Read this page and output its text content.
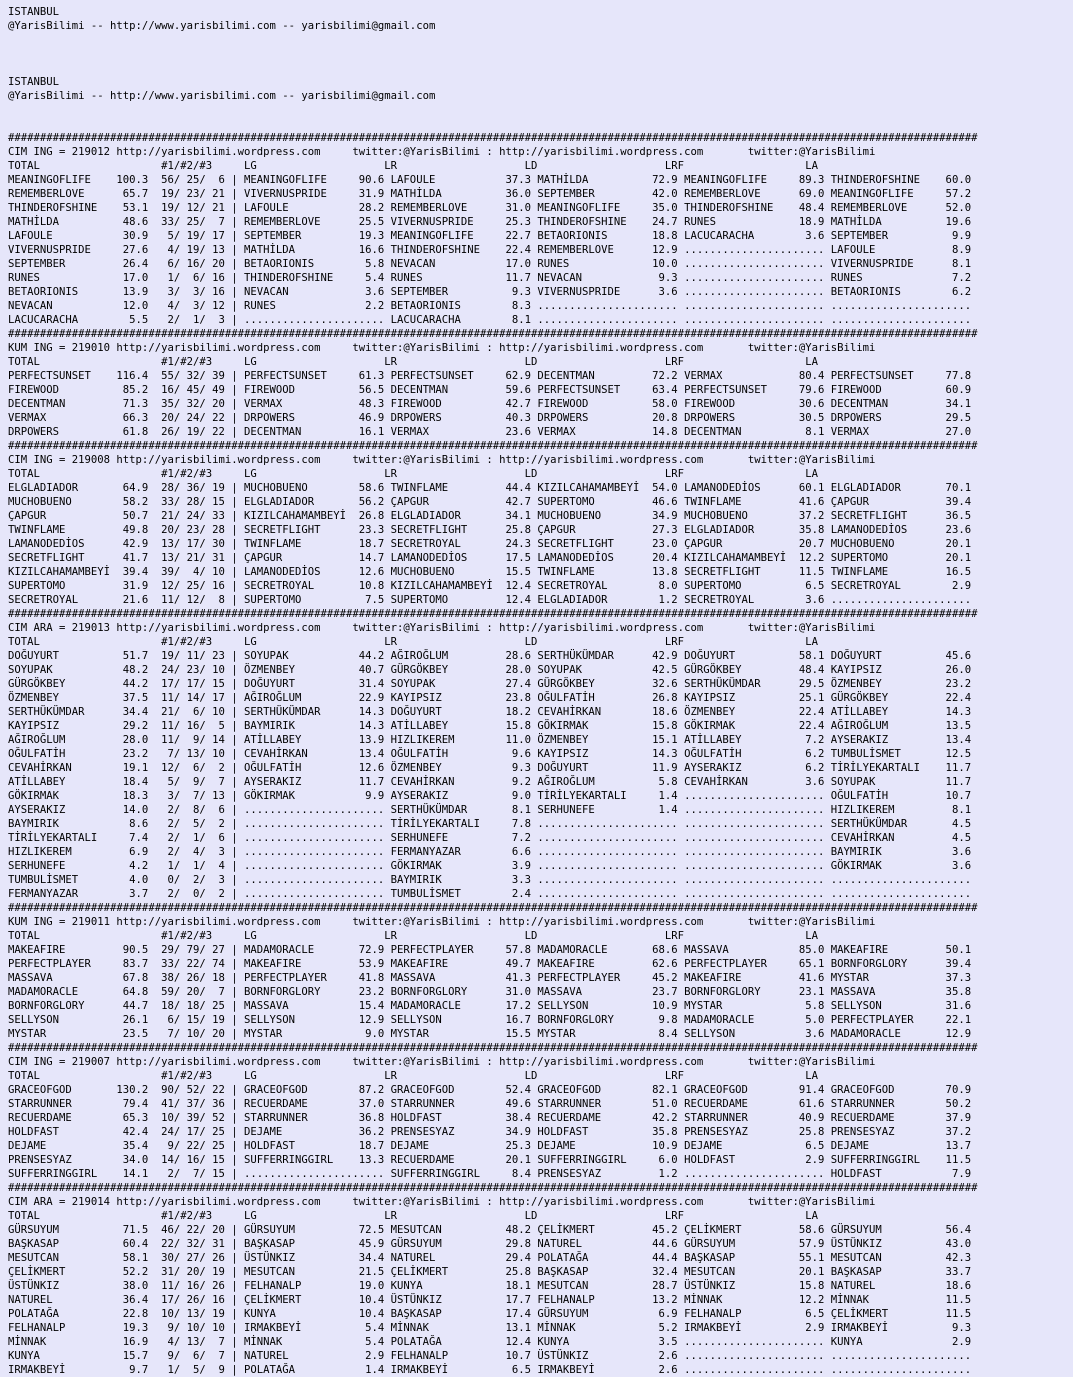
ISTANBUL
@YarisBilimi -- http://www.yarisbilimi.com -- yarisbilimi@gmail.com

ISTANBUL
@YarisBilimi -- http://www.yarisbilimi.com -- yarisbilimi@gmail.com

########################################################################################################################################################
CIM ING = 219012 http://yarisbilimi.wordpress.com     twitter:@YarisBilimi : http://yarisbilimi.wordpress.com       twitter:@YarisBilimi
TOTAL                   #1/#2/#3     LG                    LR                    LD                    LRF                   LA
MEANINGOFLIFE    100.3  56/ 25/  6 | MEANINGOFLIFE     90.6 LAFOULE           37.3 MATHİLDA          72.9 MEANINGOFLIFE     89.3 THINDEROFSHINE    60.0
REMEMBERLOVE      65.7  19/ 23/ 21 | VIVERNUSPRIDE     31.9 MATHİLDA          36.0 SEPTEMBER         42.0 REMEMBERLOVE      69.0 MEANINGOFLIFE     57.2
THINDEROFSHINE    53.1  19/ 12/ 21 | LAFOULE           28.2 REMEMBERLOVE      31.0 MEANINGOFLIFE     35.0 THINDEROFSHINE    48.4 REMEMBERLOVE      52.0
MATHİLDA          48.6  33/ 25/  7 | REMEMBERLOVE      25.5 VIVERNUSPRIDE     25.3 THINDEROFSHINE    24.7 RUNES             18.9 MATHİLDA          19.6
LAFOULE           30.9   5/ 19/ 17 | SEPTEMBER         19.3 MEANINGOFLIFE     22.7 BETAORIONIS       18.8 LACUCARACHA        3.6 SEPTEMBER          9.9
VIVERNUSPRIDE     27.6   4/ 19/ 13 | MATHİLDA          16.6 THINDEROFSHINE    22.4 REMEMBERLOVE      12.9 ...................... LAFOULE            8.9
SEPTEMBER         26.4   6/ 16/ 20 | BETAORIONIS        5.8 NEVACAN           17.0 RUNES             10.0 ...................... VIVERNUSPRIDE      8.1
RUNES             17.0   1/  6/ 16 | THINDEROFSHINE     5.4 RUNES             11.7 NEVACAN            9.3 ...................... RUNES              7.2
BETAORIONIS       13.9   3/  3/ 16 | NEVACAN            3.6 SEPTEMBER          9.3 VIVERNUSPRIDE      3.6 ...................... BETAORIONIS        6.2
NEVACAN           12.0   4/  3/ 12 | RUNES              2.2 BETAORIONIS        8.3 ...................... ...................... ......................
LACUCARACHA        5.5   2/  1/  3 | ...................... LACUCARACHA        8.1 ...................... ...................... ......................
########################################################################################################################################################
KUM ING = 219010 http://yarisbilimi.wordpress.com     twitter:@YarisBilimi : http://yarisbilimi.wordpress.com       twitter:@YarisBilimi
TOTAL                   #1/#2/#3     LG                    LR                    LD                    LRF                   LA
PERFECTSUNSET    116.4  55/ 32/ 39 | PERFECTSUNSET     61.3 PERFECTSUNSET     62.9 DECENTMAN         72.2 VERMAX            80.4 PERFECTSUNSET     77.8
FIREWOOD          85.2  16/ 45/ 49 | FIREWOOD          56.5 DECENTMAN         59.6 PERFECTSUNSET     63.4 PERFECTSUNSET     79.6 FIREWOOD          60.9
DECENTMAN         71.3  35/ 32/ 20 | VERMAX            48.3 FIREWOOD          42.7 FIREWOOD          58.0 FIREWOOD          30.6 DECENTMAN         34.1
VERMAX            66.3  20/ 24/ 22 | DRPOWERS          46.9 DRPOWERS          40.3 DRPOWERS          20.8 DRPOWERS          30.5 DRPOWERS          29.5
DRPOWERS          61.8  26/ 19/ 22 | DECENTMAN         16.1 VERMAX            23.6 VERMAX            14.8 DECENTMAN          8.1 VERMAX            27.0
########################################################################################################################################################
CIM ING = 219008 http://yarisbilimi.wordpress.com     twitter:@YarisBilimi : http://yarisbilimi.wordpress.com       twitter:@YarisBilimi
TOTAL                   #1/#2/#3     LG                    LR                    LD                    LRF                   LA
ELGLADIADOR       64.9  28/ 36/ 19 | MUCHOBUENO        58.6 TWINFLAME         44.4 KIZILCAHAMAMBEYİ  54.0 LAMANODEDİOS      60.1 ELGLADIADOR       70.1
MUCHOBUENO        58.2  33/ 28/ 15 | ELGLADIADOR       56.2 ÇAPGUR            42.7 SUPERTOMO         46.6 TWINFLAME         41.6 ÇAPGUR            39.4
ÇAPGUR            50.7  21/ 24/ 33 | KIZILCAHAMAMBEYİ  26.8 ELGLADIADOR       34.1 MUCHOBUENO        34.9 MUCHOBUENO        37.2 SECRETFLIGHT      36.5
TWINFLAME         49.8  20/ 23/ 28 | SECRETFLIGHT      23.3 SECRETFLIGHT      25.8 ÇAPGUR            27.3 ELGLADIADOR       35.8 LAMANODEDİOS      23.6
LAMANODEDİOS      42.9  13/ 17/ 30 | TWINFLAME         18.7 SECRETROYAL       24.3 SECRETFLIGHT      23.0 ÇAPGUR            20.7 MUCHOBUENO        20.1
SECRETFLIGHT      41.7  13/ 21/ 31 | ÇAPGUR            14.7 LAMANODEDİOS      17.5 LAMANODEDİOS      20.4 KIZILCAHAMAMBEYİ  12.2 SUPERTOMO         20.1
KIZILCAHAMAMBEYİ  39.4  39/  4/ 10 | LAMANODEDİOS      12.6 MUCHOBUENO        15.5 TWINFLAME         13.8 SECRETFLIGHT      11.5 TWINFLAME         16.5
SUPERTOMO         31.9  12/ 25/ 16 | SECRETROYAL       10.8 KIZILCAHAMAMBEYİ  12.4 SECRETROYAL        8.0 SUPERTOMO          6.5 SECRETROYAL        2.9
SECRETROYAL       21.6  11/ 12/  8 | SUPERTOMO          7.5 SUPERTOMO         12.4 ELGLADIADOR        1.2 SECRETROYAL        3.6 ......................
########################################################################################################################################################
CIM ARA = 219013 http://yarisbilimi.wordpress.com     twitter:@YarisBilimi : http://yarisbilimi.wordpress.com       twitter:@YarisBilimi
TOTAL                   #1/#2/#3     LG                    LR                    LD                    LRF                   LA
DOĞUYURT          51.7  19/ 11/ 23 | SOYUPAK           44.2 AĞIROĞLUM         28.6 SERTHÜKÜMDAR      42.9 DOĞUYURT          58.1 DOĞUYURT          45.6
SOYUPAK           48.2  24/ 23/ 10 | ÖZMENBEY          40.7 GÜRGÖKBEY         28.0 SOYUPAK           42.5 GÜRGÖKBEY         48.4 KAYIPSIZ          26.0
GÜRGÖKBEY         44.2  17/ 17/ 15 | DOĞUYURT          31.4 SOYUPAK           27.4 GÜRGÖKBEY         32.6 SERTHÜKÜMDAR      29.5 ÖZMENBEY          23.2
ÖZMENBEY          37.5  11/ 14/ 17 | AĞIROĞLUM         22.9 KAYIPSIZ          23.8 OĞULFATİH         26.8 KAYIPSIZ          25.1 GÜRGÖKBEY         22.4
SERTHÜKÜMDAR      34.4  21/  6/ 10 | SERTHÜKÜMDAR      14.3 DOĞUYURT          18.2 CEVAHİRKAN        18.6 ÖZMENBEY          22.4 ATİLLABEY         14.3
KAYIPSIZ          29.2  11/ 16/  5 | BAYMIRIK          14.3 ATİLLABEY         15.8 GÖKIRMAK          15.8 GÖKIRMAK          22.4 AĞIROĞLUM         13.5
AĞIROĞLUM         28.0  11/  9/ 14 | ATİLLABEY         13.9 HIZLIKEREM        11.0 ÖZMENBEY          15.1 ATİLLABEY          7.2 AYSERAKIZ         13.4
OĞULFATİH         23.2   7/ 13/ 10 | CEVAHİRKAN        13.4 OĞULFATİH          9.6 KAYIPSIZ          14.3 OĞULFATİH          6.2 TUMBULİSMET       12.5
CEVAHİRKAN        19.1  12/  6/  2 | OĞULFATİH         12.6 ÖZMENBEY           9.3 DOĞUYURT          11.9 AYSERAKIZ          6.2 TİRİLYEKARTALI    11.7
ATİLLABEY         18.4   5/  9/  7 | AYSERAKIZ         11.7 CEVAHİRKAN         9.2 AĞIROĞLUM          5.8 CEVAHİRKAN         3.6 SOYUPAK           11.7
GÖKIRMAK          18.3   3/  7/ 13 | GÖKIRMAK           9.9 AYSERAKIZ          9.0 TİRİLYEKARTALI     1.4 ...................... OĞULFATİH         10.7
AYSERAKIZ         14.0   2/  8/  6 | ...................... SERTHÜKÜMDAR       8.1 SERHUNEFE          1.4 ...................... HIZLIKEREM         8.1
BAYMIRIK           8.6   2/  5/  2 | ...................... TİRİLYEKARTALI     7.8 ...................... ...................... SERTHÜKÜMDAR       4.5
TİRİLYEKARTALI     7.4   2/  1/  6 | ...................... SERHUNEFE          7.2 ...................... ...................... CEVAHİRKAN         4.5
HIZLIKEREM         6.9   2/  4/  3 | ...................... FERMANYAZAR        6.6 ...................... ...................... BAYMIRIK           3.6
SERHUNEFE          4.2   1/  1/  4 | ...................... GÖKIRMAK           3.9 ...................... ...................... GÖKIRMAK           3.6
TUMBULİSMET        4.0   0/  2/  3 | ...................... BAYMIRIK           3.3 ...................... ...................... ......................
FERMANYAZAR        3.7   2/  0/  2 | ...................... TUMBULİSMET        2.4 ...................... ...................... ......................
########################################################################################################################################################
KUM ING = 219011 http://yarisbilimi.wordpress.com     twitter:@YarisBilimi : http://yarisbilimi.wordpress.com       twitter:@YarisBilimi
TOTAL                   #1/#2/#3     LG                    LR                    LD                    LRF                   LA
MAKEAFIRE         90.5  29/ 79/ 27 | MADAMORACLE       72.9 PERFECTPLAYER     57.8 MADAMORACLE       68.6 MASSAVA           85.0 MAKEAFIRE         50.1
PERFECTPLAYER     83.7  33/ 22/ 74 | MAKEAFIRE         53.9 MAKEAFIRE         49.7 MAKEAFIRE         62.6 PERFECTPLAYER     65.1 BORNFORGLORY      39.4
MASSAVA           67.8  38/ 26/ 18 | PERFECTPLAYER     41.8 MASSAVA           41.3 PERFECTPLAYER     45.2 MAKEAFIRE         41.6 MYSTAR            37.3
MADAMORACLE       64.8  59/ 20/  7 | BORNFORGLORY      23.2 BORNFORGLORY      31.0 MASSAVA           23.7 BORNFORGLORY      23.1 MASSAVA           35.8
BORNFORGLORY      44.7  18/ 18/ 25 | MASSAVA           15.4 MADAMORACLE       17.2 SELLYSON          10.9 MYSTAR             5.8 SELLYSON          31.6
SELLYSON          26.1   6/ 15/ 19 | SELLYSON          12.9 SELLYSON          16.7 BORNFORGLORY       9.8 MADAMORACLE        5.0 PERFECTPLAYER     22.1
MYSTAR            23.5   7/ 10/ 20 | MYSTAR             9.0 MYSTAR            15.5 MYSTAR             8.4 SELLYSON           3.6 MADAMORACLE       12.9
########################################################################################################################################################
CIM ING = 219007 http://yarisbilimi.wordpress.com     twitter:@YarisBilimi : http://yarisbilimi.wordpress.com       twitter:@YarisBilimi
TOTAL                   #1/#2/#3     LG                    LR                    LD                    LRF                   LA
GRACEOFGOD       130.2  90/ 52/ 22 | GRACEOFGOD        87.2 GRACEOFGOD        52.4 GRACEOFGOD        82.1 GRACEOFGOD        91.4 GRACEOFGOD        70.9
STARRUNNER        79.4  41/ 37/ 36 | RECUERDAME        37.0 STARRUNNER        49.6 STARRUNNER        51.0 RECUERDAME        61.6 STARRUNNER        50.2
RECUERDAME        65.3  10/ 39/ 52 | STARRUNNER        36.8 HOLDFAST          38.4 RECUERDAME        42.2 STARRUNNER        40.9 RECUERDAME        37.9
HOLDFAST          42.4  24/ 17/ 25 | DEJAME            36.2 PRENSESYAZ        34.9 HOLDFAST          35.8 PRENSESYAZ        25.8 PRENSESYAZ        37.2
DEJAME            35.4   9/ 22/ 25 | HOLDFAST          18.7 DEJAME            25.3 DEJAME            10.9 DEJAME             6.5 DEJAME            13.7
PRENSESYAZ        34.0  14/ 16/ 15 | SUFFERRINGGIRL    13.3 RECUERDAME        20.1 SUFFERRINGGIRL     6.0 HOLDFAST           2.9 SUFFERRINGGIRL    11.5
SUFFERRINGGIRL    14.1   2/  7/ 15 | ...................... SUFFERRINGGIRL     8.4 PRENSESYAZ         1.2 ...................... HOLDFAST           7.9
########################################################################################################################################################
CIM ARA = 219014 http://yarisbilimi.wordpress.com     twitter:@YarisBilimi : http://yarisbilimi.wordpress.com       twitter:@YarisBilimi
TOTAL                   #1/#2/#3     LG                    LR                    LD                    LRF                   LA
GÜRSUYUM          71.5  46/ 22/ 20 | GÜRSUYUM          72.5 MESUTCAN          48.2 ÇELİKMERT         45.2 ÇELİKMERT         58.6 GÜRSUYUM          56.4
BAŞKASAP          60.4  22/ 32/ 31 | BAŞKASAP          45.9 GÜRSUYUM          29.8 NATUREL           44.6 GÜRSUYUM          57.9 ÜSTÜNKIZ          43.0
MESUTCAN          58.1  30/ 27/ 26 | ÜSTÜNKIZ          34.4 NATUREL           29.4 POLATAĞA          44.4 BAŞKASAP          55.1 MESUTCAN          42.3
ÇELİKMERT         52.2  31/ 20/ 19 | MESUTCAN          21.5 ÇELİKMERT         25.8 BAŞKASAP          32.4 MESUTCAN          20.1 BAŞKASAP          33.7
ÜSTÜNKIZ          38.0  11/ 16/ 26 | FELHANALP         19.0 KUNYA             18.1 MESUTCAN          28.7 ÜSTÜNKIZ          15.8 NATUREL           18.6
NATUREL           36.4  17/ 26/ 16 | ÇELİKMERT         10.4 ÜSTÜNKIZ          17.7 FELHANALP         13.2 MİNNAK            12.2 MİNNAK            11.5
POLATAĞA          22.8  10/ 13/ 19 | KUNYA             10.4 BAŞKASAP          17.4 GÜRSUYUM           6.9 FELHANALP          6.5 ÇELİKMERT         11.5
FELHANALP         19.3   9/ 10/ 10 | IRMAKBEYİ          5.4 MİNNAK            13.1 MİNNAK             5.2 IRMAKBEYİ          2.9 IRMAKBEYİ          9.3
MİNNAK            16.9   4/ 13/  7 | MİNNAK             5.4 POLATAĞA          12.4 KUNYA              3.5 ...................... KUNYA              2.9
KUNYA             15.7   9/  6/  7 | NATUREL            2.9 FELHANALP         10.7 ÜSTÜNKIZ           2.6 ...................... ......................
IRMAKBEYİ          9.7   1/  5/  9 | POLATAĞA           1.4 IRMAKBEYİ          6.5 IRMAKBEYİ          2.6 ...................... ......................
